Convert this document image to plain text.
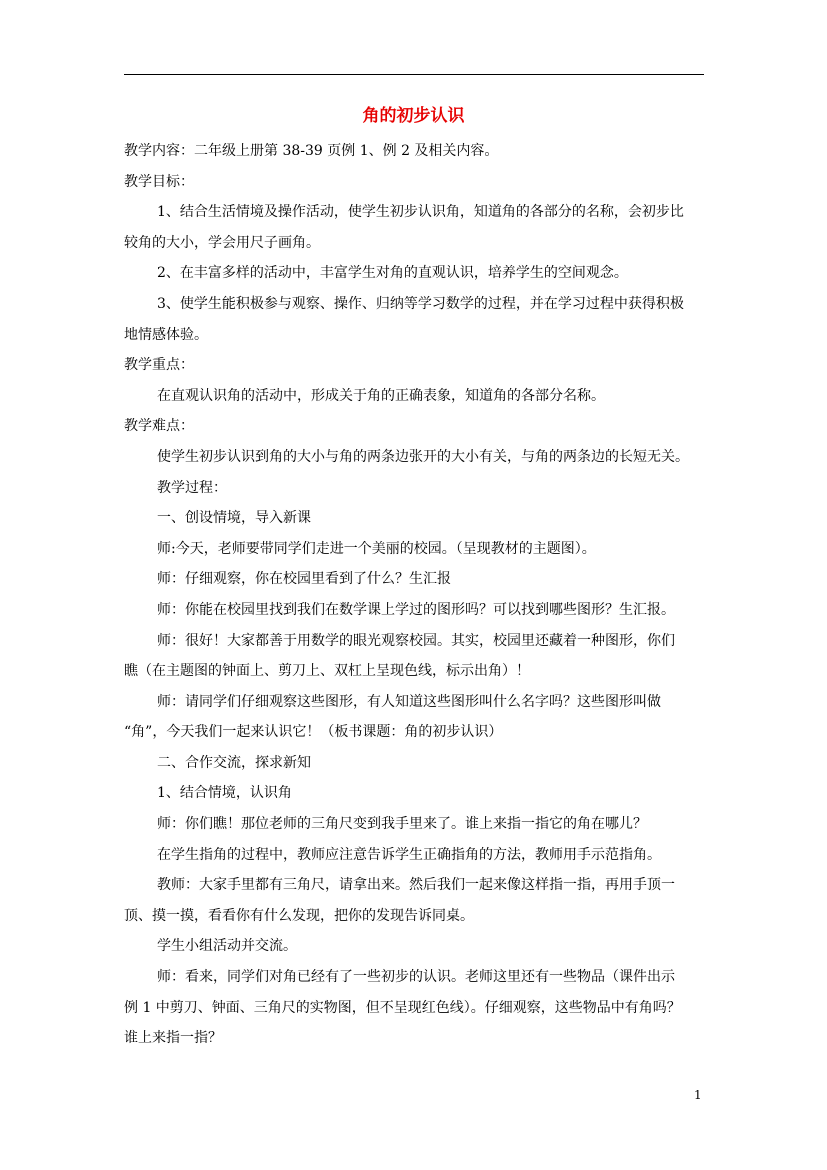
角的初步认识

教学内容：二年级上册第 38-39 页例 1、例 2 及相关内容。

教学目标：

1、结合生活情境及操作活动，使学生初步认识角，知道角的各部分的名称，会初步比

较角的大小，学会用尺子画角。

2、在丰富多样的活动中，丰富学生对角的直观认识，培养学生的空间观念。

3、使学生能积极参与观察、操作、归纳等学习数学的过程，并在学习过程中获得积极

地情感体验。

教学重点：

在直观认识角的活动中，形成关于角的正确表象，知道角的各部分名称。

教学难点：

使学生初步认识到角的大小与角的两条边张开的大小有关，与角的两条边的长短无关。

教学过程：

一、创设情境，导入新课

师:今天，老师要带同学们走进一个美丽的校园。（呈现教材的主题图）。

师：仔细观察，你在校园里看到了什么？生汇报

师：你能在校园里找到我们在数学课上学过的图形吗？可以找到哪些图形？生汇报。

师：很好！大家都善于用数学的眼光观察校园。其实，校园里还藏着一种图形，你们

瞧（在主题图的钟面上、剪刀上、双杠上呈现色线，标示出角）！

师：请同学们仔细观察这些图形，有人知道这些图形叫什么名字吗？这些图形叫做

“角”，今天我们一起来认识它！（板书课题：角的初步认识）

二、合作交流，探求新知

1、结合情境，认识角

师：你们瞧！那位老师的三角尺变到我手里来了。谁上来指一指它的角在哪儿？

在学生指角的过程中，教师应注意告诉学生正确指角的方法，教师用手示范指角。

教师：大家手里都有三角尺，请拿出来。然后我们一起来像这样指一指，再用手顶一

顶、摸一摸，看看你有什么发现，把你的发现告诉同桌。

学生小组活动并交流。

师：看来，同学们对角已经有了一些初步的认识。老师这里还有一些物品（课件出示

例 1 中剪刀、钟面、三角尺的实物图，但不呈现红色线）。仔细观察，这些物品中有角吗？

谁上来指一指？

1
